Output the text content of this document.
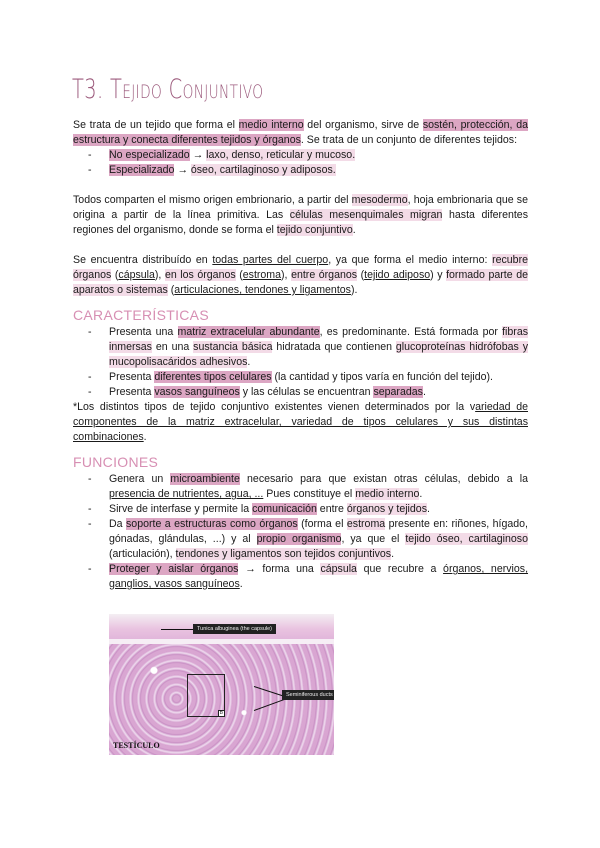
T3. Tejido Conjuntivo

Se trata de un tejido que forma el medio interno del organismo, sirve de sostén, protección, da estructura y conecta diferentes tejidos y órganos. Se trata de un conjunto de diferentes tejidos:

- No especializado → laxo, denso, reticular y mucoso.
- Especializado → óseo, cartilaginoso y adiposos.

Todos comparten el mismo origen embrionario, a partir del mesodermo, hoja embrionaria que se origina a partir de la línea primitiva. Las células mesenquimales migran hasta diferentes regiones del organismo, donde se forma el tejido conjuntivo.

Se encuentra distribuído en todas partes del cuerpo, ya que forma el medio interno: recubre órganos (cápsula), en los órganos (estroma), entre órganos (tejido adiposo) y formado parte de aparatos o sistemas (articulaciones, tendones y ligamentos).

CARACTERÍSTICAS
- Presenta una matriz extracelular abundante, es predominante. Está formada por fibras inmersas en una sustancia básica hidratada que contienen glucoproteínas hidrófobas y mucopolisacáridos adhesivos.
- Presenta diferentes tipos celulares (la cantidad y tipos varía en función del tejido).
- Presenta vasos sanguíneos y las células se encuentran separadas.

*Los distintos tipos de tejido conjuntivo existentes vienen determinados por la variedad de componentes de la matriz extracelular, variedad de tipos celulares y sus distintas combinaciones.

FUNCIONES
- Genera un microambiente necesario para que existan otras células, debido a la presencia de nutrientes, agua, ... Pues constituye el medio interno.
- Sirve de interfase y permite la comunicación entre órganos y tejidos.
- Da soporte a estructuras como órganos (forma el estroma presente en: riñones, hígado, gónadas, glándulas, ...) y al propio organismo, ya que el tejido óseo, cartilaginoso (articulación), tendones y ligamentos son tejidos conjuntivos.
- Proteger y aislar órganos → forma una cápsula que recubre a órganos, nervios, ganglios, vasos sanguíneos.
Tunica albuginea (the capsule)
B
Seminiferous ducts
TESTÍCULO
